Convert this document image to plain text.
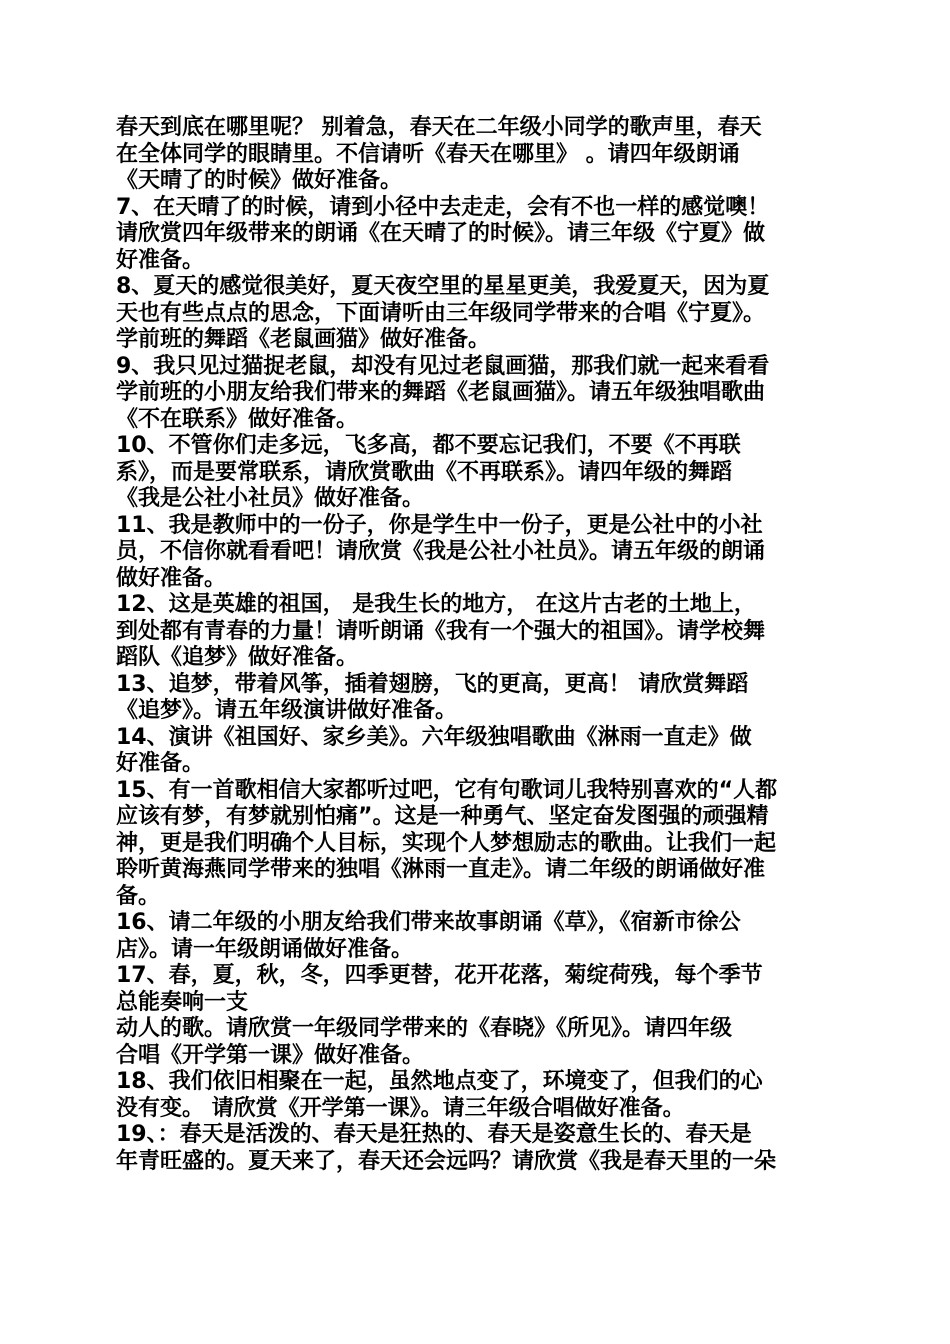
春天到底在哪里呢？ 别着急，春天在二年级小同学的歌声里，春天
在全体同学的眼睛里。不信请听《春天在哪里》 。请四年级朗诵
《天晴了的时候》做好准备。
7、在天晴了的时候，请到小径中去走走，会有不也一样的感觉噢！
请欣赏四年级带来的朗诵《在天晴了的时候》。请三年级《宁夏》做
好准备。
8、夏天的感觉很美好，夏天夜空里的星星更美，我爱夏天，因为夏
天也有些点点的思念，下面请听由三年级同学带来的合唱《宁夏》。
学前班的舞蹈《老鼠画猫》做好准备。
9、我只见过猫捉老鼠，却没有见过老鼠画猫，那我们就一起来看看
学前班的小朋友给我们带来的舞蹈《老鼠画猫》。请五年级独唱歌曲
《不在联系》做好准备。
10、不管你们走多远，飞多高，都不要忘记我们，不要《不再联
系》，而是要常联系，请欣赏歌曲《不再联系》。请四年级的舞蹈
《我是公社小社员》做好准备。
11、我是教师中的一份子，你是学生中一份子，更是公社中的小社
员，不信你就看看吧！请欣赏《我是公社小社员》。请五年级的朗诵
做好准备。
12、这是英雄的祖国， 是我生长的地方， 在这片古老的土地上，
到处都有青春的力量！请听朗诵《我有一个强大的祖国》。请学校舞
蹈队《追梦》做好准备。
13、追梦，带着风筝，插着翅膀，飞的更高，更高！ 请欣赏舞蹈
《追梦》。请五年级演讲做好准备。
14、演讲《祖国好、家乡美》。六年级独唱歌曲《淋雨一直走》做
好准备。
15、有一首歌相信大家都听过吧，它有句歌词儿我特别喜欢的“人都
应该有梦，有梦就别怕痛”。这是一种勇气、坚定奋发图强的顽强精
神，更是我们明确个人目标，实现个人梦想励志的歌曲。让我们一起
聆听黄海燕同学带来的独唱《淋雨一直走》。请二年级的朗诵做好准
备。
16、请二年级的小朋友给我们带来故事朗诵《草》，《宿新市徐公
店》。请一年级朗诵做好准备。
17、春，夏，秋，冬，四季更替，花开花落，菊绽荷残，每个季节
总能奏响一支
动人的歌。请欣赏一年级同学带来的《春晓》《所见》。请四年级
合唱《开学第一课》做好准备。
18、我们依旧相聚在一起，虽然地点变了，环境变了，但我们的心
没有变。 请欣赏《开学第一课》。请三年级合唱做好准备。
19、：春天是活泼的、春天是狂热的、春天是姿意生长的、春天是
年青旺盛的。夏天来了，春天还会远吗？请欣赏《我是春天里的一朵
